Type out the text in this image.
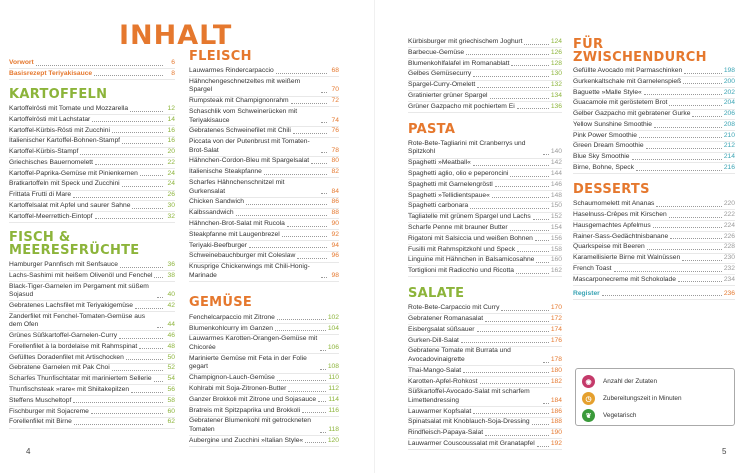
INHALT
Vorwort	6
Basisrezept Teriyakisauce	8
KARTOFFELN
Kartoffelrösti mit Tomate und Mozzarella	12
Kartoffelrösti mit Lachstatar	14
Kartoffel-Kürbis-Rösti mit Zucchini	16
Italienischer Kartoffel-Bohnen-Stampf	16
Kartoffel-Kürbis-Stampf	20
Griechisches Bauernomelett	22
Kartoffel-Paprika-Gemüse mit Pinienkernen	24
Bratkartoffeln mit Speck und Zucchini	24
Frittata Frutti di Mare	26
Kartoffelsalat mit Apfel und saurer Sahne	30
Kartoffel-Meerrettich-Eintopf	32
FISCH & MEERESFRÜCHTE
Hamburger Pannfisch mit Senfsauce	36
Lachs-Sashimi mit heißem Olivenöl und Fenchel	38
Black-Tiger-Garnelen im Pergament mit süßem Sojasud	40
Gebratenes Lachsfilet mit Teriyakigemüse	42
Zanderfilet mit Fenchel-Tomaten-Gemüse aus dem Ofen	44
Grünes Süßkartoffel-Garnelen-Curry	46
Forellenfilet à la bordelaise mit Rahmspinat	48
Gefülltes Doradenfilet mit Artischocken	50
Gebratene Garnelen mit Pak Choi	52
Scharfes Thunfischtatar mit mariniertem Sellerie	54
Thunfischsteak »rare« mit Shiitakepilzen	56
Steffens Muscheltopf	58
Fischburger mit Sojacreme	60
Forellenfilet mit Birne	62
FLEISCH
Lauwarmes Rindercarpaccio	68
Hähnchengeschnetzeltes mit weißem Spargel	70
Rumpsteak mit Champignonrahm	72
Schaschlik vom Schweinerücken mit Teriyakisauce	74
Gebratenes Schweinefilet mit Chili	76
Piccata von der Putenbrust mit Tomaten-Brot-Salat	78
Hähnchen-Cordon-Bleu mit Spargelsalat	80
Italienische Steakpfanne	82
Scharfes Hähnchenschnitzel mit Gurkensalat	84
Chicken Sandwich	86
Kalbssandwich	88
Hähnchen-Brot-Salat mit Rucola	90
Steakpfanne mit Laugenbrezel	92
Teriyaki-Beefburger	94
Schweinebauchburger mit Coleslaw	96
Knusprige Chickenwings mit Chili-Honig-Marinade	98
GEMÜSE
Fenchelcarpaccio mit Zitrone	102
Blumenkohlcurry im Ganzen	104
Lauwarmes Karotten-Orangen-Gemüse mit Chicorée	106
Marinierte Gemüse mit Feta in der Folie gegart	108
Champignon-Lauch-Gemüse	110
Kohlrabi mit Soja-Zitronen-Butter	112
Ganzer Brokkoli mit Zitrone und Sojasauce 114
Bratreis mit Spitzpaprika und Brokkoli	116
Gebratener Blumenkohl mit getrockneten Tomaten	118
Aubergine und Zucchini »Italian Style«	120
Kürbisburger mit griechischem Joghurt	124
Barbecue-Gemüse	126
Blumenkohlfalafel im Romanablatt	128
Gelbes Gemüsecurry	130
Spargel-Curry-Omelett	132
Gratinierter grüner Spargel	134
Grüner Gazpacho mit pochiertem Ei	136
PASTA
Rote-Bete-Tagliarini mit Cranberrys und Spitzkohl	140
Spaghetti »Meatball«	142
Spaghetti aglio, olio e peperoncini	144
Spaghetti mit Garnelengröstl	146
Spaghetti »Tellidientspaue«	148
Spaghetti carbonara	150
Tagliatelle mit grünem Spargel und Lachs	152
Scharfe Penne mit brauner Butter	154
Rigatoni mit Salsiccia und weißen Bohnen	156
Fusilli mit Rahmspitzkohl und Speck	158
Linguine mit Hähnchen in Balsamicosahne 160
Tortiglioni mit Radicchio und Ricotta	162
SALATE
Rote-Bete-Carpaccio mit Curry	170
Gebratener Romanasalat	172
Eisbergsalat süßsauer	174
Gurken-Dill-Salat	176
Gebratene Tomate mit Burrata und Avocadovinaigrette	178
Thai-Mango-Salat	180
Karotten-Apfel-Rohkost	182
Süßkartoffel-Avocado-Salat mit scharfem Limettendressing	184
Lauwarmer Kopfsalat	186
Spinatsalat mit Knoblauch-Soja-Dressing	188
Rindfleisch-Papaya-Salat	190
Lauwarmer Couscoussalat mit Granatapfel 192
FÜR ZWISCHENDURCH
Gefüllte Avocado mit Parmaschinken	198
Gurkenkaltschale mit Garnelenspieß	200
Baguette »Malle Style«	202
Guacamole mit geröstetem Brot	204
Gelber Gazpacho mit gebratener Gurke	206
Yellow Sunshine Smoothie	208
Pink Power Smoothie	210
Green Dream Smoothie	212
Blue Sky Smoothie	214
Birne, Bohne, Speck	216
DESSERTS
Schaumomelett mit Ananas	220
Haselnuss-Crêpes mit Kirschen	222
Hausgemachtes Apfelmus	224
Rainer-Sass-Gedächtnisbanane	226
Quarkspeise mit Beeren	228
Karamellisierte Birne mit Walnüssen	230
French Toast	232
Mascarponecreme mit Schokolade	234
Register	236
◉	Anzahl der Zutaten
◷	Zubereitungszeit in Minuten
❦	Vegetarisch
4	5
